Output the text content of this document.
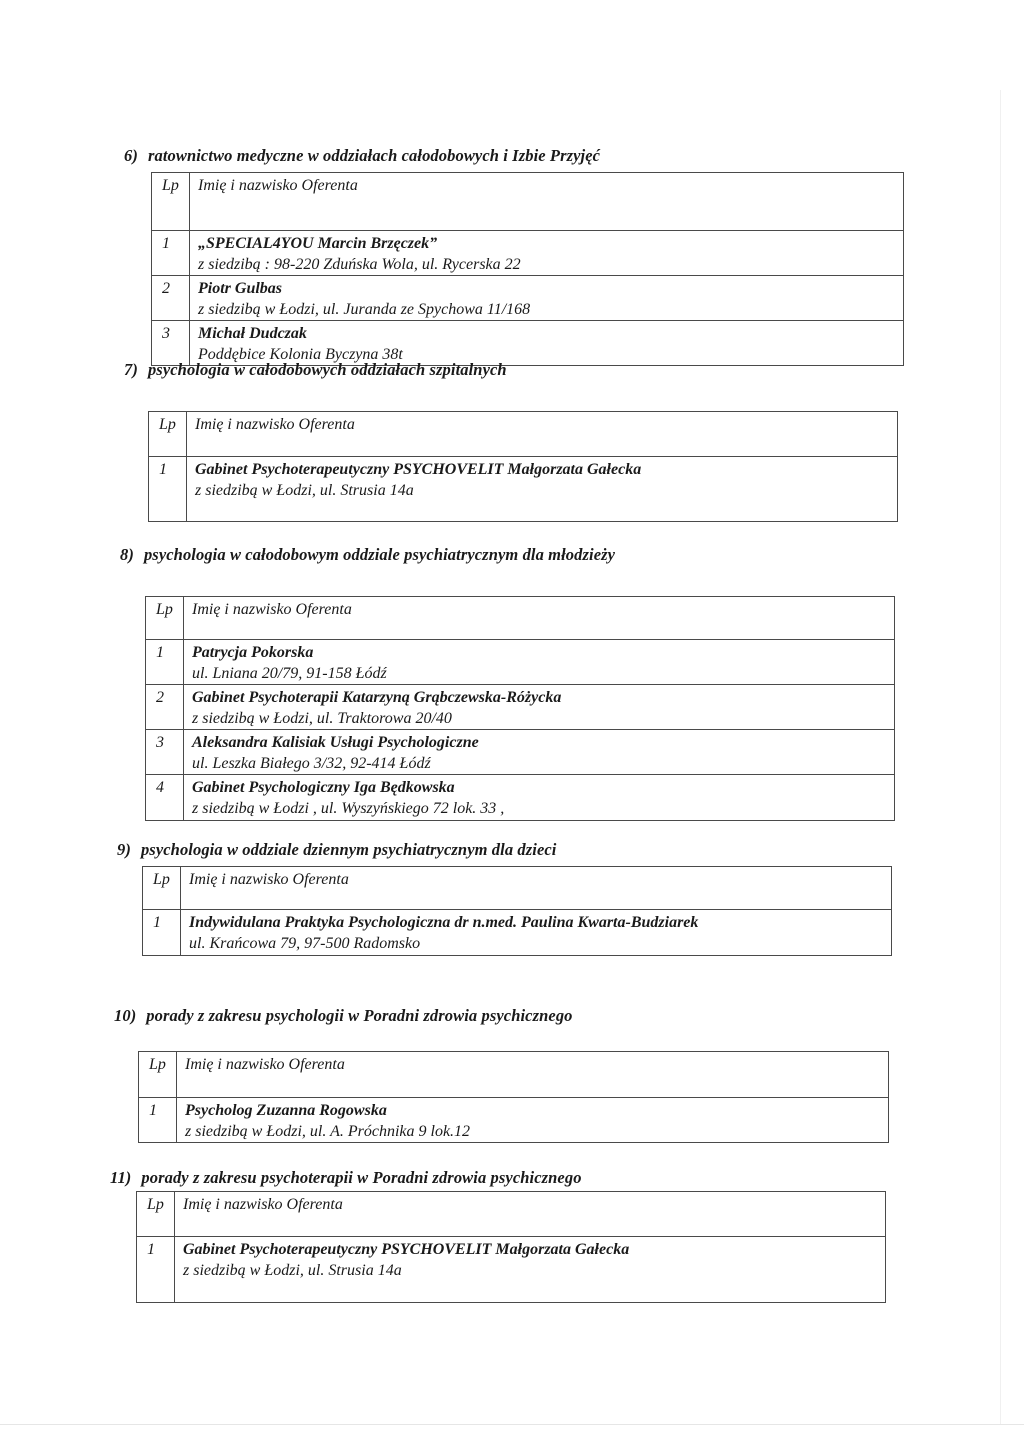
6) ratownictwo medyczne w oddziałach całodobowych i Izbie Przyjęć
Lp	Imię i nazwisko Oferenta
1	„SPECIAL4YOU Marcin Brzęczek”
z siedzibą : 98-220 Zduńska Wola, ul. Rycerska 22

2	Piotr Gulbas
z siedzibą w Łodzi, ul. Juranda ze Spychowa 11/168

3	Michał Dudczak
Poddębice Kolonia Byczyna 38t
7) psychologia w całodobowych oddziałach szpitalnych
Lp	Imię i nazwisko Oferenta
1	Gabinet Psychoterapeutyczny PSYCHOVELIT Małgorzata Gałecka
z siedzibą w Łodzi, ul. Strusia 14a
8) psychologia w całodobowym oddziale psychiatrycznym dla młodzieży
Lp	Imię i nazwisko Oferenta
1	Patrycja Pokorska
ul. Lniana 20/79, 91-158 Łódź

2	Gabinet Psychoterapii Katarzyną Grąbczewska-Różycka
z siedzibą w Łodzi, ul. Traktorowa 20/40

3	Aleksandra Kalisiak Usługi Psychologiczne
ul. Leszka Białego 3/32, 92-414 Łódź

4	Gabinet Psychologiczny Iga Będkowska
z siedzibą w Łodzi , ul. Wyszyńskiego 72 lok. 33 ,
9) psychologia w oddziale dziennym psychiatrycznym dla dzieci
Lp	Imię i nazwisko Oferenta
1	Indywidulana Praktyka Psychologiczna dr n.med. Paulina Kwarta-Budziarek
ul. Krańcowa 79, 97-500 Radomsko
10) porady z zakresu psychologii w Poradni zdrowia psychicznego
Lp	Imię i nazwisko Oferenta
1	Psycholog Zuzanna Rogowska
z siedzibą w Łodzi, ul. A. Próchnika 9 lok.12
11) porady z zakresu psychoterapii w Poradni zdrowia psychicznego
Lp	Imię i nazwisko Oferenta
1	Gabinet Psychoterapeutyczny PSYCHOVELIT Małgorzata Gałecka
z siedzibą w Łodzi, ul. Strusia 14a
